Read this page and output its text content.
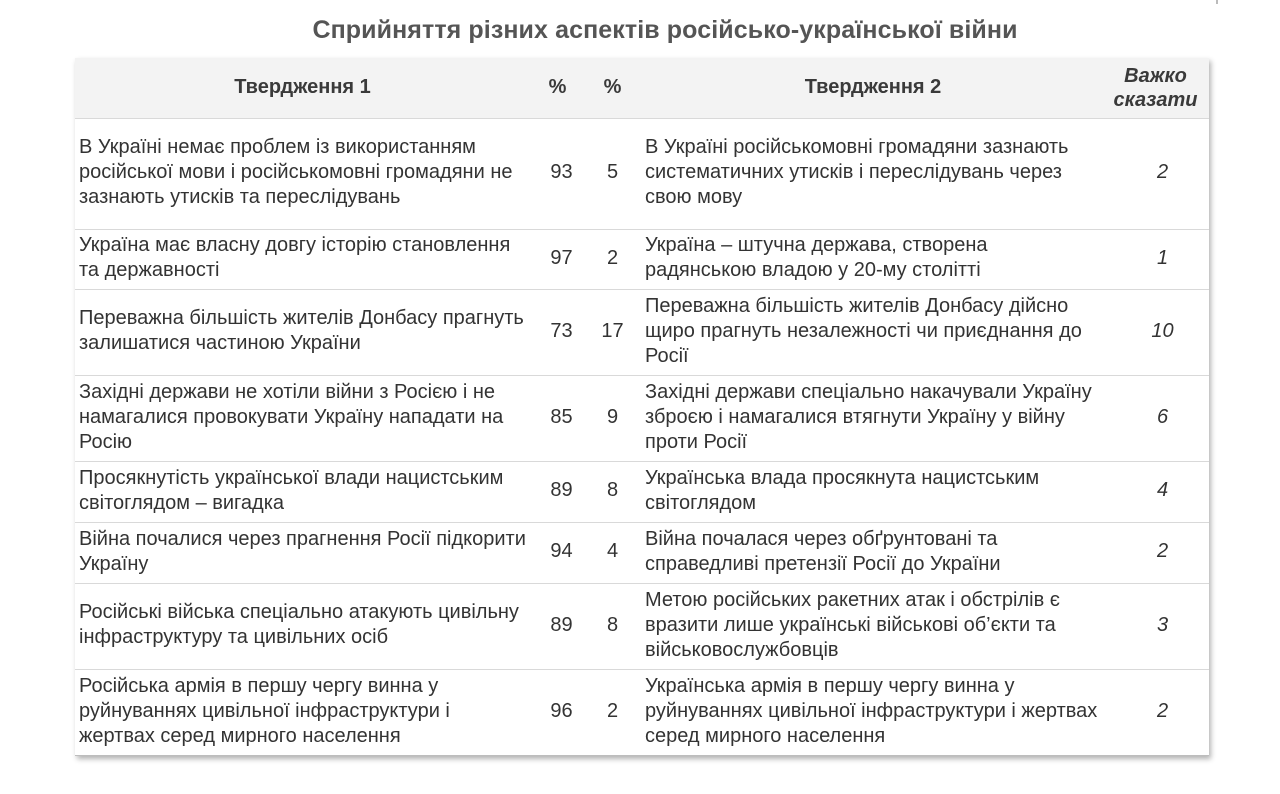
Сприйняття різних аспектів російсько-української війни
Твердження 1	%	%	Твердження 2	Важко
сказати
В Україні немає проблем із використанням російської мови і російськомовні громадяни не зазнають утисків та переслідувань	93	5	В Україні російськомовні громадяни зазнають систематичних утисків і переслідувань через свою мову	2
Україна має власну довгу історію становлення та державності	97	2	Україна – штучна держава, створена радянською владою у 20-му столітті	1
Переважна більшість жителів Донбасу прагнуть залишатися частиною України	73	17	Переважна більшість жителів Донбасу дійсно щиро прагнуть незалежності чи приєднання до Росії	10
Західні держави не хотіли війни з Росією і не намагалися провокувати Україну нападати на Росію	85	9	Західні держави спеціально накачували Україну зброєю і намагалися втягнути Україну у війну проти Росії	6
Просякнутість української влади нацистським світоглядом – вигадка	89	8	Українська влада просякнута нацистським світоглядом	4
Війна почалися через прагнення Росії підкорити Україну	94	4	Війна почалася через обґрунтовані та справедливі претензії Росії до України	2
Російські війська спеціально атакують цивільну інфраструктуру та цивільних осіб	89	8	Метою російських ракетних атак і обстрілів є вразити лише українські військові об’єкти та військовослужбовців	3
Російська армія в першу чергу винна у руйнуваннях цивільної інфраструктури і жертвах серед мирного населення	96	2	Українська армія в першу чергу винна у руйнуваннях цивільної інфраструктури і жертвах серед мирного населення	2
